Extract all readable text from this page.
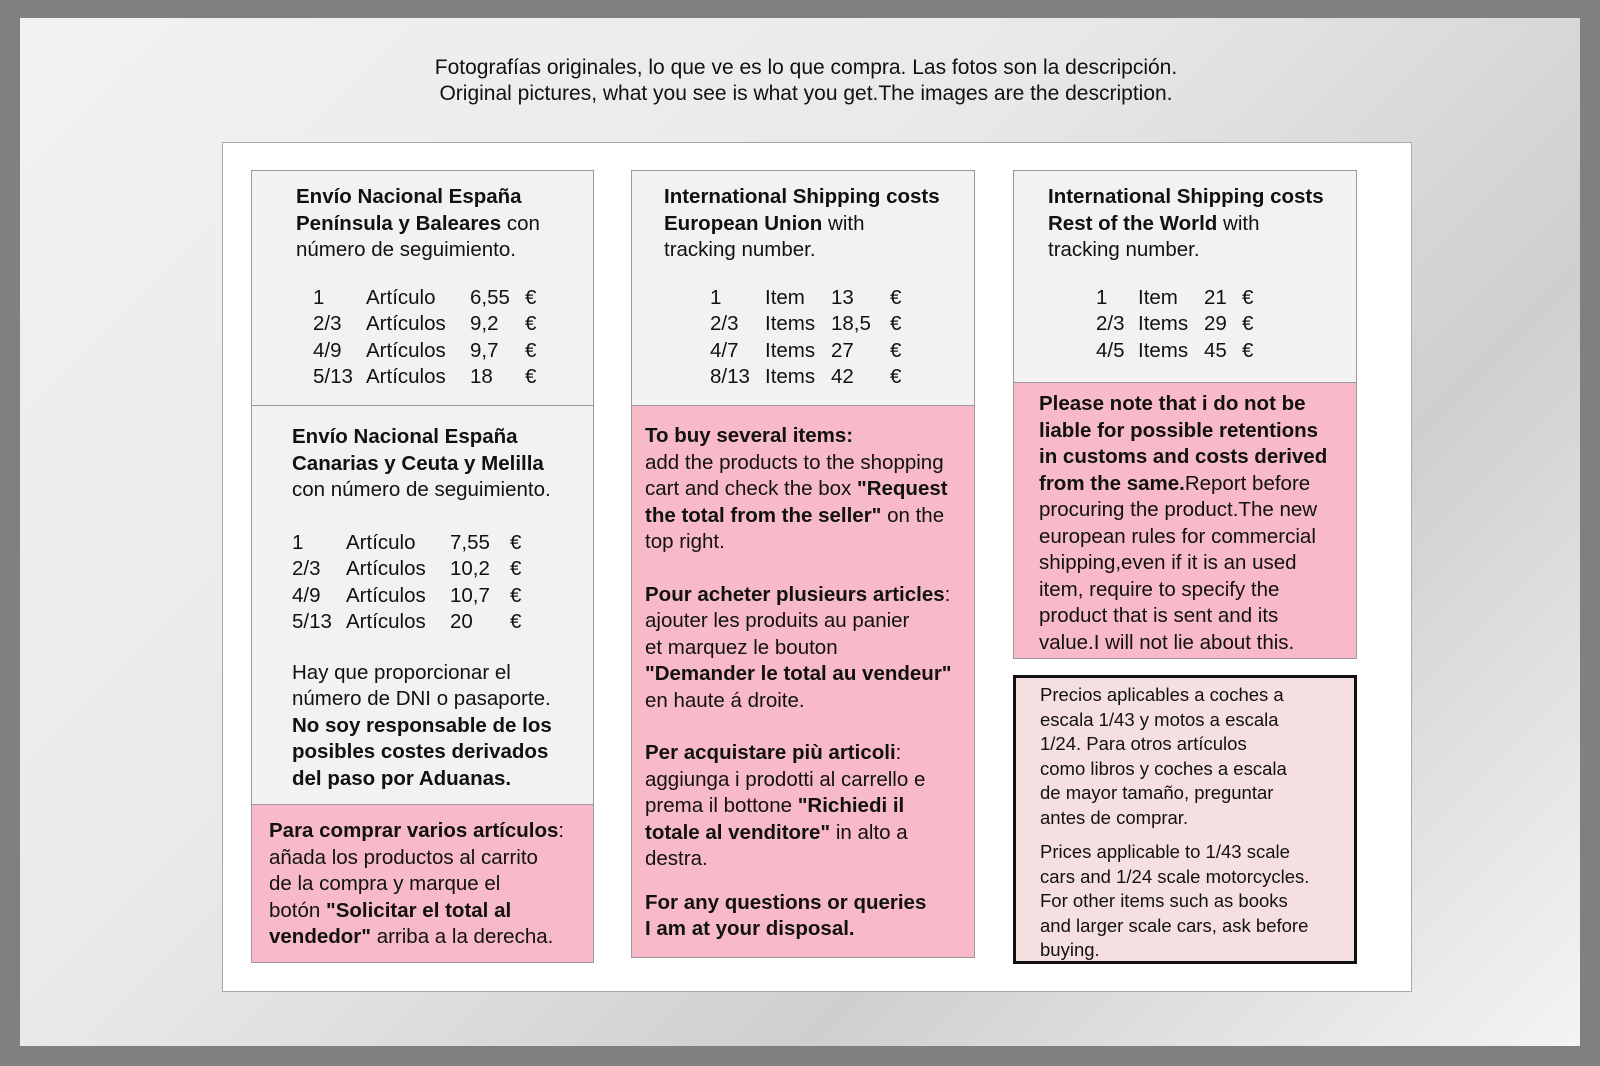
Fotografías originales, lo que ve es lo que compra. Las fotos son la descripción.
Original pictures, what you see is what you get.The images are the description.
Envío Nacional España
Península y Baleares con
número de seguimiento.
1	Artículo	6,55	€
2/3	Artículos	9,2	€
4/9	Artículos	9,7	€
5/13	Artículos	18	€
Envío Nacional España
Canarias y Ceuta y Melilla
con número de seguimiento.
1	Artículo	7,55	€
2/3	Artículos	10,2	€
4/9	Artículos	10,7	€
5/13	Artículos	20	€
Hay que proporcionar el
número de DNI o pasaporte.
No soy responsable de los
posibles costes derivados
del paso por Aduanas.
Para comprar varios artículos:
añada los productos al carrito
de la compra y marque el
botón "Solicitar el total al
vendedor" arriba a la derecha.
International Shipping costs
European Union with
tracking number.
1	Item	13	€
2/3	Items	18,5	€
4/7	Items	27	€
8/13	Items	42	€
To buy several items:
add the products to the shopping
cart and check the box "Request
the total from the seller" on the
top right.
Pour acheter plusieurs articles:
ajouter les produits au panier
et marquez le bouton
"Demander le total au vendeur"
en haute á droite.
Per acquistare più articoli:
aggiunga i prodotti al carrello e
prema il bottone "Richiedi il
totale al venditore" in alto a
destra.
For any questions or queries
I am at your disposal.
International Shipping costs
Rest of the World with
tracking number.
1	Item	21	€
2/3	Items	29	€
4/5	Items	45	€
Please note that i do not be
liable for possible retentions
in customs and costs derived
from the same.Report before
procuring the product.The new
european rules for commercial
shipping,even if it is an used
item, require to specify the
product that is sent and its
value.I will not lie about this.
Precios aplicables a coches a
escala 1/43 y motos a escala
1/24. Para otros artículos
como libros y coches a escala
de mayor tamaño, preguntar
antes de comprar.
Prices applicable to 1/43 scale
cars and 1/24 scale motorcycles.
For other items such as books
and larger scale cars, ask before
buying.
